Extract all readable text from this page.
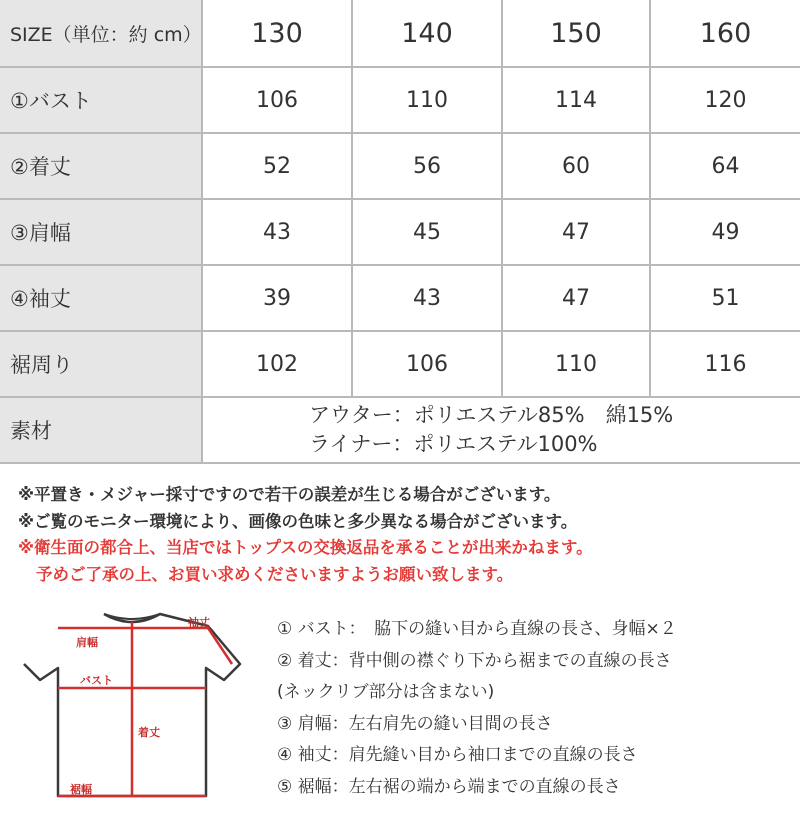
SIZE（単位：約 cm）	130	140	150	160
①バスト	106	110	114	120
②着丈	52	56	60	64
③肩幅	43	45	47	49
④袖丈	39	43	47	51
裾周り	102	106	110	116
素材	アウター：ポリエステル85%　綿15%
ライナー：ポリエステル100%			
※平置き・メジャー採寸ですので若干の誤差が生じる場合がございます。
※ご覧のモニター環境により、画像の色味と多少異なる場合がございます。
※衛生面の都合上、当店ではトップスの交換返品を承ることが出来かねます。
予めご了承の上、お買い求めくださいますようお願い致します。
袖丈
肩幅
バスト
着丈
裾幅
① バスト：　脇下の縫い目から直線の長さ、身幅×２
② 着丈：背中側の襟ぐり下から裾までの直線の長さ
(ネックリブ部分は含まない)
③ 肩幅：左右肩先の縫い目間の長さ
④ 袖丈：肩先縫い目から袖口までの直線の長さ
⑤ 裾幅：左右裾の端から端までの直線の長さ
